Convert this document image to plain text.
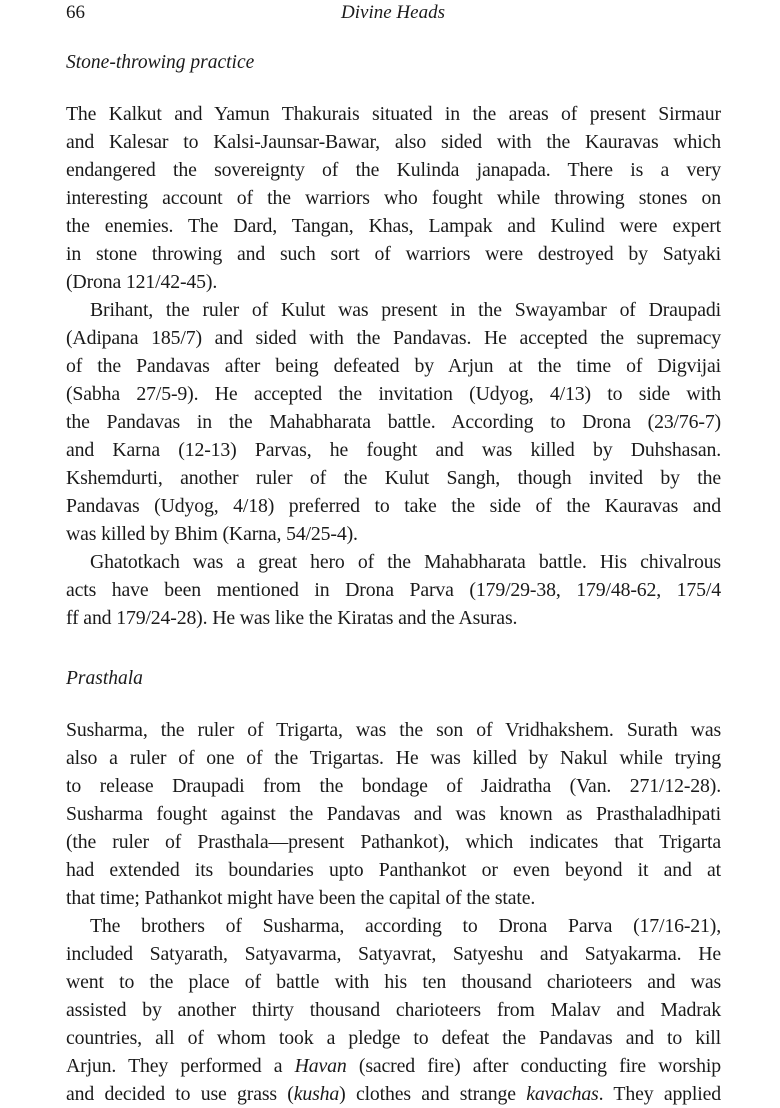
66	Divine Heads
Stone-throwing practice
The Kalkut and Yamun Thakurais situated in the areas of present Sirmaur
and Kalesar to Kalsi-Jaunsar-Bawar, also sided with the Kauravas which
endangered the sovereignty of the Kulinda janapada. There is a very
interesting account of the warriors who fought while throwing stones on
the enemies. The Dard, Tangan, Khas, Lampak and Kulind were expert
in stone throwing and such sort of warriors were destroyed by Satyaki
(Drona 121/42-45).
Brihant, the ruler of Kulut was present in the Swayambar of Draupadi
(Adipana 185/7) and sided with the Pandavas. He accepted the supremacy
of the Pandavas after being defeated by Arjun at the time of Digvijai
(Sabha 27/5-9). He accepted the invitation (Udyog, 4/13) to side with
the Pandavas in the Mahabharata battle. According to Drona (23/76-7)
and Karna (12-13) Parvas, he fought and was killed by Duhshasan.
Kshemdurti, another ruler of the Kulut Sangh, though invited by the
Pandavas (Udyog, 4/18) preferred to take the side of the Kauravas and
was killed by Bhim (Karna, 54/25-4).
Ghatotkach was a great hero of the Mahabharata battle. His chivalrous
acts have been mentioned in Drona Parva (179/29-38, 179/48-62, 175/4
ff and 179/24-28). He was like the Kiratas and the Asuras.
Prasthala
Susharma, the ruler of Trigarta, was the son of Vridhakshem. Surath was
also a ruler of one of the Trigartas. He was killed by Nakul while trying
to release Draupadi from the bondage of Jaidratha (Van. 271/12-28).
Susharma fought against the Pandavas and was known as Prasthaladhipati
(the ruler of Prasthala—present Pathankot), which indicates that Trigarta
had extended its boundaries upto Panthankot or even beyond it and at
that time; Pathankot might have been the capital of the state.
The brothers of Susharma, according to Drona Parva (17/16-21),
included Satyarath, Satyavarma, Satyavrat, Satyeshu and Satyakarma. He
went to the place of battle with his ten thousand charioteers and was
assisted by another thirty thousand charioteers from Malav and Madrak
countries, all of whom took a pledge to defeat the Pandavas and to kill
Arjun. They performed a Havan (sacred fire) after conducting fire worship
and decided to use grass (kusha) clothes and strange kavachas. They applied
